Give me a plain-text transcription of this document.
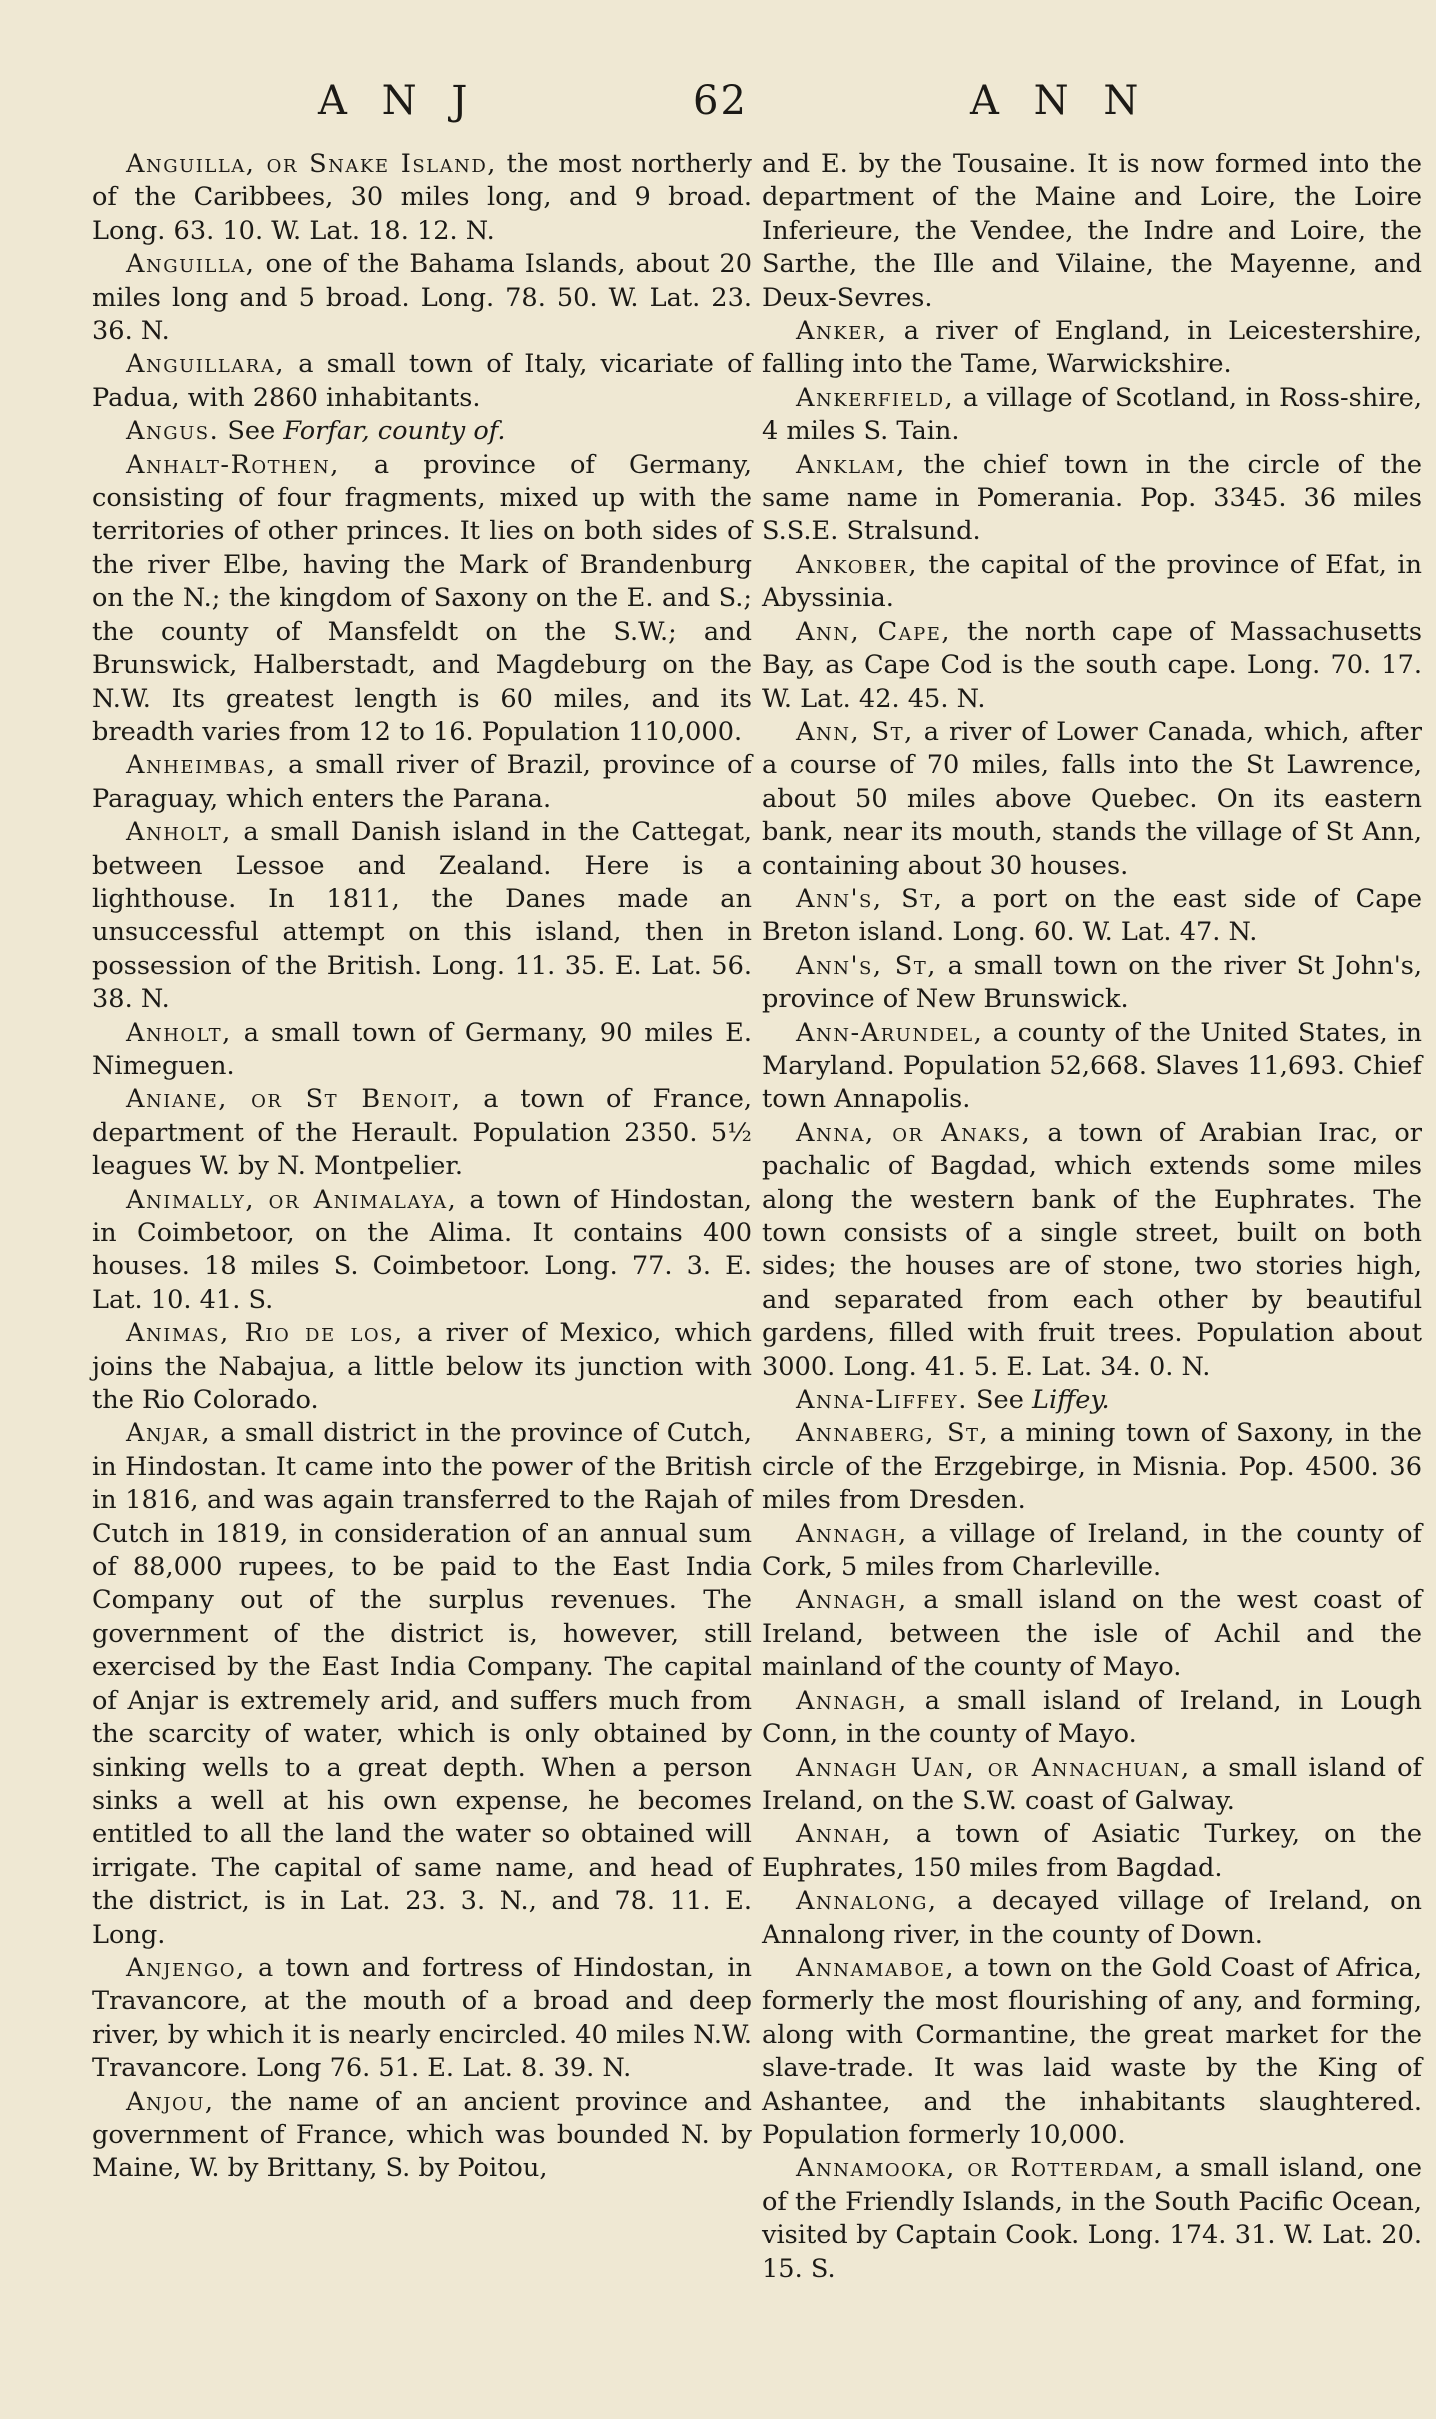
A N J	62	A N N

Anguilla, or Snake Island, the most northerly of the Caribbees, 30 miles long, and 9 broad. Long. 63. 10. W. Lat. 18. 12. N.

Anguilla, one of the Bahama Islands, about 20 miles long and 5 broad. Long. 78. 50. W. Lat. 23. 36. N.

Anguillara, a small town of Italy, vicariate of Padua, with 2860 inhabitants.

Angus. See Forfar, county of.

Anhalt-Rothen, a province of Germany, consisting of four fragments, mixed up with the territories of other princes. It lies on both sides of the river Elbe, having the Mark of Brandenburg on the N.; the kingdom of Saxony on the E. and S.; the county of Mansfeldt on the S.W.; and Brunswick, Halberstadt, and Magdeburg on the N.W. Its greatest length is 60 miles, and its breadth varies from 12 to 16. Population 110,000.

Anheimbas, a small river of Brazil, province of Paraguay, which enters the Parana.

Anholt, a small Danish island in the Cattegat, between Lessoe and Zealand. Here is a lighthouse. In 1811, the Danes made an unsuccessful attempt on this island, then in possession of the British. Long. 11. 35. E. Lat. 56. 38. N.

Anholt, a small town of Germany, 90 miles E. Nimeguen.

Aniane, or St Benoit, a town of France, department of the Herault. Population 2350. 5½ leagues W. by N. Montpelier.

Animally, or Animalaya, a town of Hindostan, in Coimbetoor, on the Alima. It contains 400 houses. 18 miles S. Coimbetoor. Long. 77. 3. E. Lat. 10. 41. S.

Animas, Rio de los, a river of Mexico, which joins the Nabajua, a little below its junction with the Rio Colorado.

Anjar, a small district in the province of Cutch, in Hindostan. It came into the power of the British in 1816, and was again transferred to the Rajah of Cutch in 1819, in consideration of an annual sum of 88,000 rupees, to be paid to the East India Company out of the surplus revenues. The government of the district is, however, still exercised by the East India Company. The capital of Anjar is extremely arid, and suffers much from the scarcity of water, which is only obtained by sinking wells to a great depth. When a person sinks a well at his own expense, he becomes entitled to all the land the water so obtained will irrigate. The capital of same name, and head of the district, is in Lat. 23. 3. N., and 78. 11. E. Long.

Anjengo, a town and fortress of Hindostan, in Travancore, at the mouth of a broad and deep river, by which it is nearly encircled. 40 miles N.W. Travancore. Long 76. 51. E. Lat. 8. 39. N.

Anjou, the name of an ancient province and government of France, which was bounded N. by Maine, W. by Brittany, S. by Poitou,

and E. by the Tousaine. It is now formed into the department of the Maine and Loire, the Loire Inferieure, the Vendee, the Indre and Loire, the Sarthe, the Ille and Vilaine, the Mayenne, and Deux-Sevres.

Anker, a river of England, in Leicestershire, falling into the Tame, Warwickshire.

Ankerfield, a village of Scotland, in Ross-shire, 4 miles S. Tain.

Anklam, the chief town in the circle of the same name in Pomerania. Pop. 3345. 36 miles S.S.E. Stralsund.

Ankober, the capital of the province of Efat, in Abyssinia.

Ann, Cape, the north cape of Massachusetts Bay, as Cape Cod is the south cape. Long. 70. 17. W. Lat. 42. 45. N.

Ann, St, a river of Lower Canada, which, after a course of 70 miles, falls into the St Lawrence, about 50 miles above Quebec. On its eastern bank, near its mouth, stands the village of St Ann, containing about 30 houses.

Ann's, St, a port on the east side of Cape Breton island. Long. 60. W. Lat. 47. N.

Ann's, St, a small town on the river St John's, province of New Brunswick.

Ann-Arundel, a county of the United States, in Maryland. Population 52,668. Slaves 11,693. Chief town Annapolis.

Anna, or Anaks, a town of Arabian Irac, or pachalic of Bagdad, which extends some miles along the western bank of the Euphrates. The town consists of a single street, built on both sides; the houses are of stone, two stories high, and separated from each other by beautiful gardens, filled with fruit trees. Population about 3000. Long. 41. 5. E. Lat. 34. 0. N.

Anna-Liffey. See Liffey.

Annaberg, St, a mining town of Saxony, in the circle of the Erzgebirge, in Misnia. Pop. 4500. 36 miles from Dresden.

Annagh, a village of Ireland, in the county of Cork, 5 miles from Charleville.

Annagh, a small island on the west coast of Ireland, between the isle of Achil and the mainland of the county of Mayo.

Annagh, a small island of Ireland, in Lough Conn, in the county of Mayo.

Annagh Uan, or Annachuan, a small island of Ireland, on the S.W. coast of Galway.

Annah, a town of Asiatic Turkey, on the Euphrates, 150 miles from Bagdad.

Annalong, a decayed village of Ireland, on Annalong river, in the county of Down.

Annamaboe, a town on the Gold Coast of Africa, formerly the most flourishing of any, and forming, along with Cormantine, the great market for the slave-trade. It was laid waste by the King of Ashantee, and the inhabitants slaughtered. Population formerly 10,000.

Annamooka, or Rotterdam, a small island, one of the Friendly Islands, in the South Pacific Ocean, visited by Captain Cook. Long. 174. 31. W. Lat. 20. 15. S.
